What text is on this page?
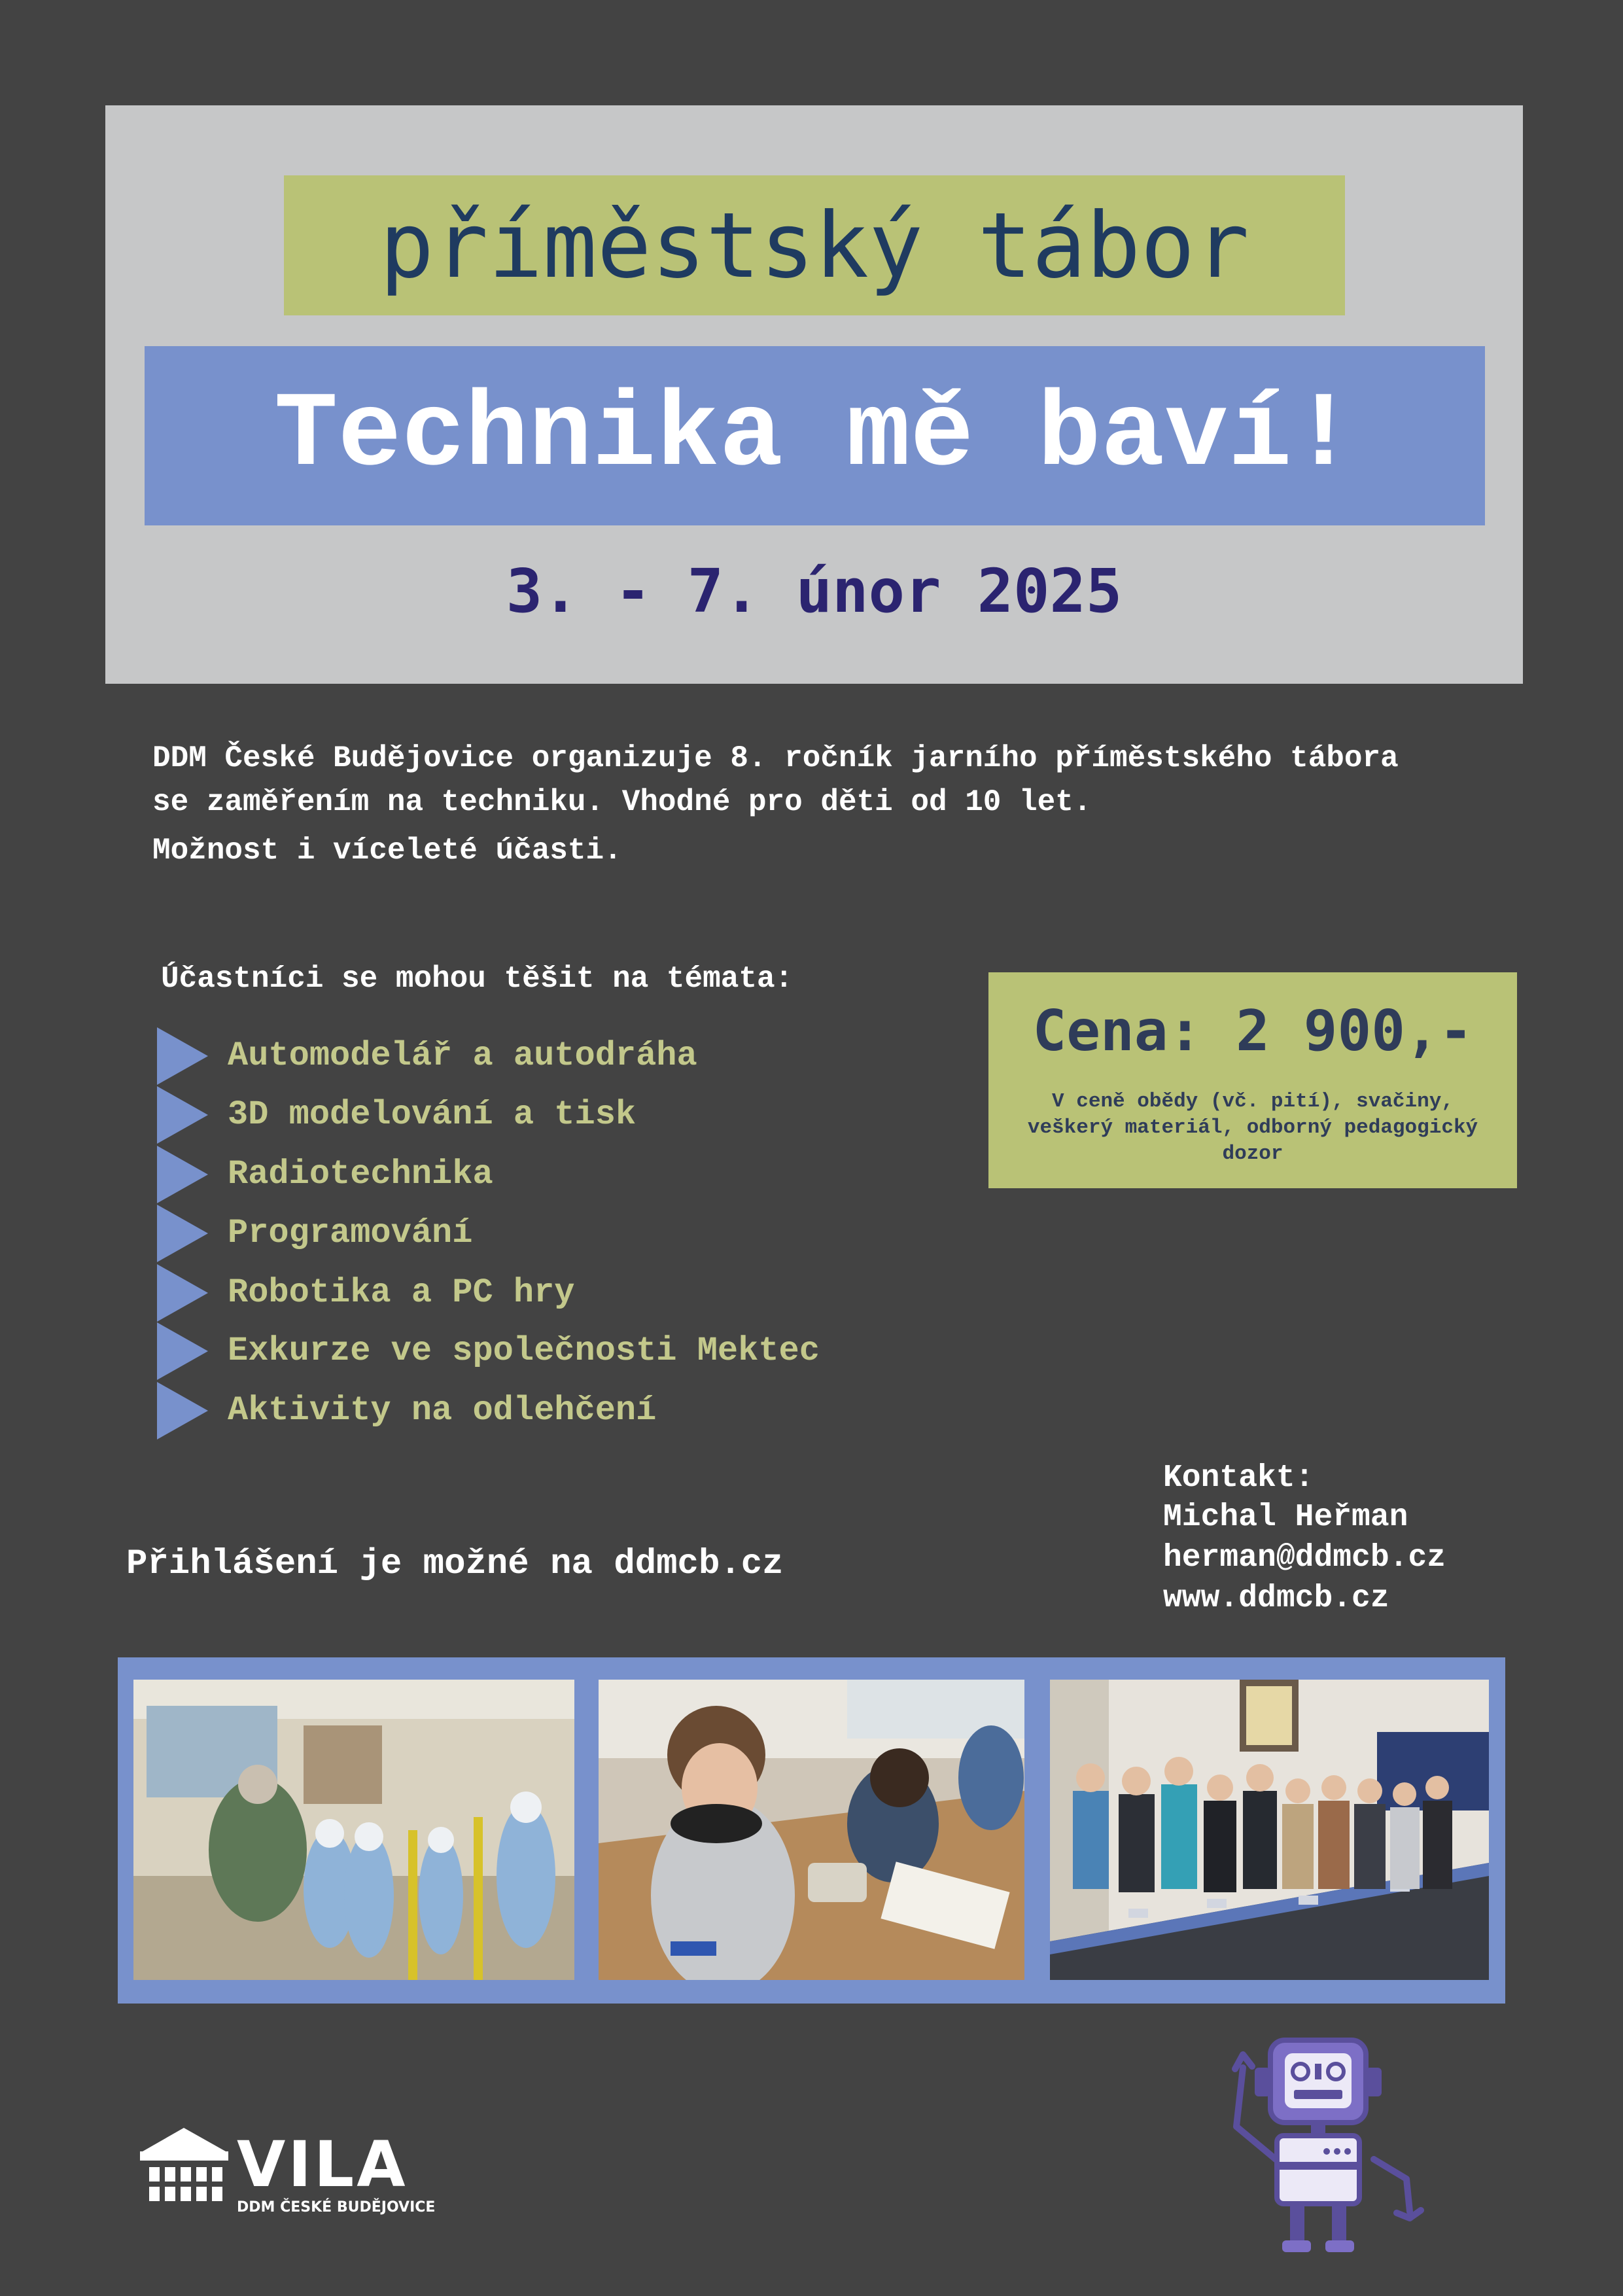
příměstský tábor
Technika mě baví!
3. - 7. únor 2025
DDM České Budějovice organizuje 8. ročník jarního příměstského tábora
se zaměřením na techniku. Vhodné pro děti od 10 let.
Možnost i víceleté účasti.
Účastníci se mohou těšit na témata:
Automodelář a autodráha
3D modelování a tisk
Radiotechnika
Programování
Robotika a PC hry
Exkurze ve společnosti Mektec
Aktivity na odlehčení
Cena: 2 900,-
V ceně obědy (vč. pití), svačiny, veškerý materiál, odborný pedagogický dozor
Kontakt:
Michal Heřman
herman@ddmcb.cz
www.ddmcb.cz
Přihlášení je možné na ddmcb.cz
VILA
DDM ČESKÉ BUDĚJOVICE
